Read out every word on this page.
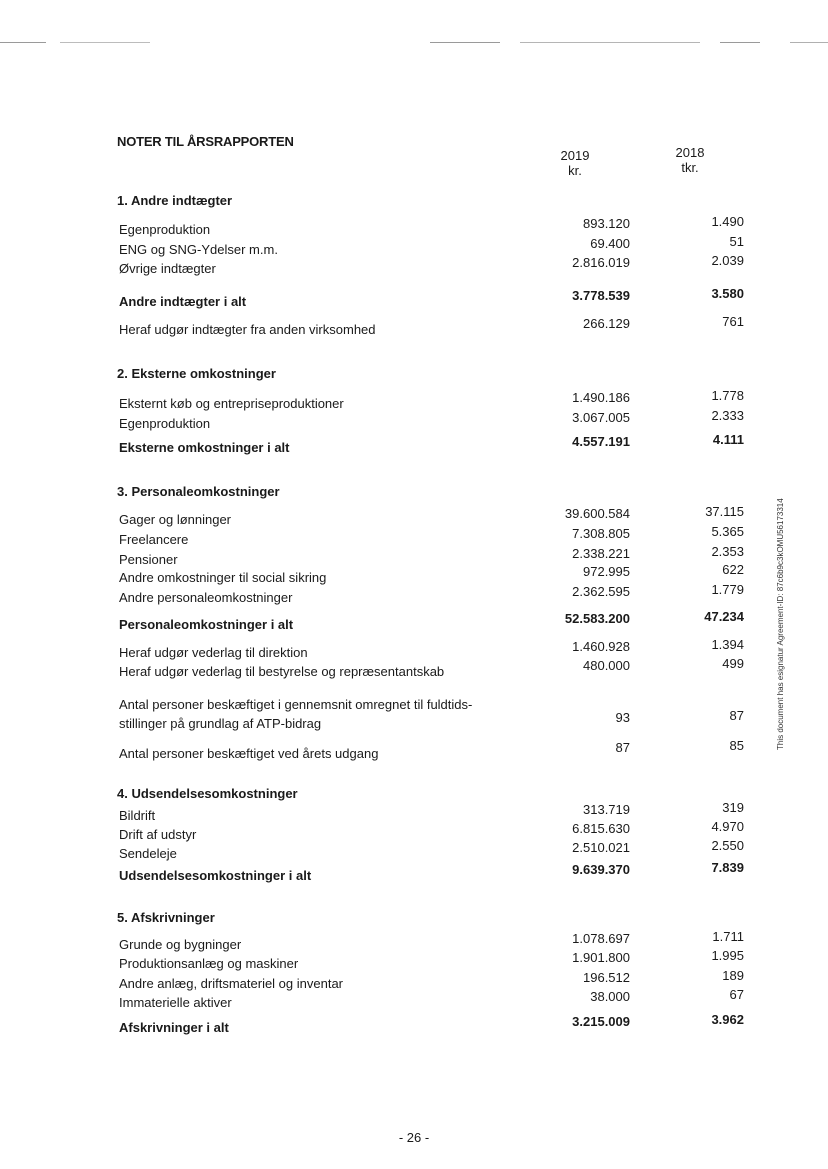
NOTER TIL ÅRSRAPPORTEN
2019
kr.
2018
tkr.
1. Andre indtægter
Egenproduktion	893.120	1.490
ENG og SNG-Ydelser m.m.	69.400	51
Øvrige indtægter	2.816.019	2.039
Andre indtægter i alt	3.778.539	3.580
Heraf udgør indtægter fra anden virksomhed	266.129	761
2. Eksterne omkostninger
Eksternt køb og entrepriseproduktioner	1.490.186	1.778
Egenproduktion	3.067.005	2.333
Eksterne omkostninger i alt	4.557.191	4.111
3. Personaleomkostninger
Gager og lønninger	39.600.584	37.115
Freelancere	7.308.805	5.365
Pensioner	2.338.221	2.353
Andre omkostninger til social sikring	972.995	622
Andre personaleomkostninger	2.362.595	1.779
Personaleomkostninger i alt	52.583.200	47.234
Heraf udgør vederlag til direktion	1.460.928	1.394
Heraf udgør vederlag til bestyrelse og repræsentantskab	480.000	499
Antal personer beskæftiget i gennemsnit omregnet til fuldtids-
stillinger på grundlag af ATP-bidrag	93	87
Antal personer beskæftiget ved årets udgang	87	85
4. Udsendelsesomkostninger
Bildrift	313.719	319
Drift af udstyr	6.815.630	4.970
Sendeleje	2.510.021	2.550
Udsendelsesomkostninger i alt	9.639.370	7.839
5. Afskrivninger
Grunde og bygninger	1.078.697	1.711
Produktionsanlæg og maskiner	1.901.800	1.995
Andre anlæg, driftsmateriel og inventar	196.512	189
Immaterielle aktiver	38.000	67
Afskrivninger i alt	3.215.009	3.962
This document has esignatur Agreement-ID: 87c6b9c3kOMU56173314
- 26 -
